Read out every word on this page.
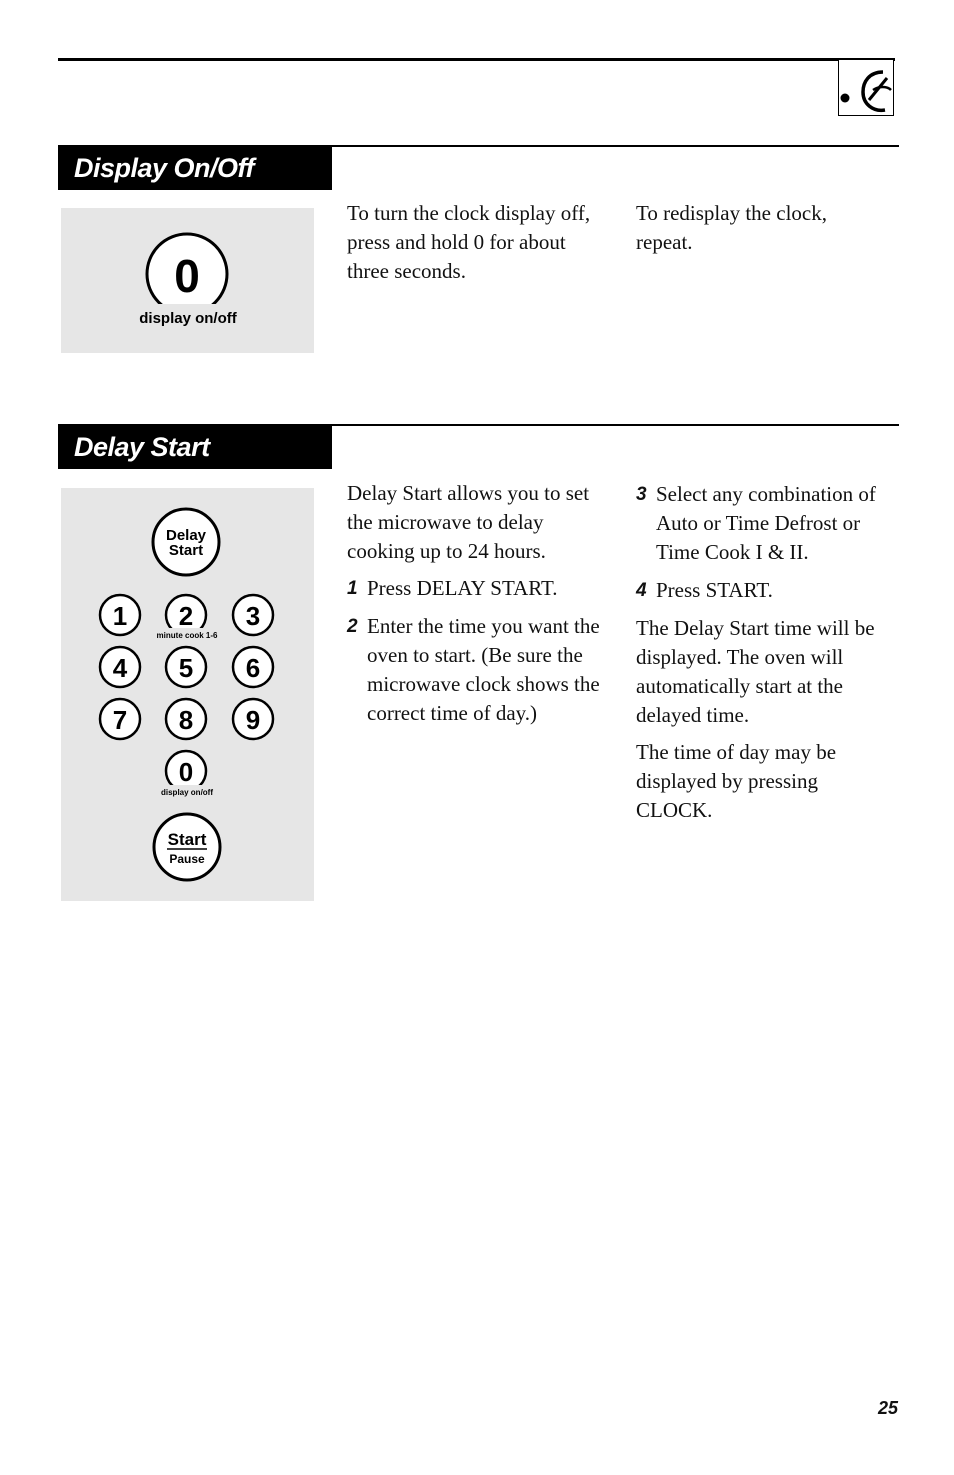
Display On/Off
0
display on/off
To turn the clock display off, press and hold 0 for about three seconds.
To redisplay the clock, repeat.
Delay Start
Delay
Start
1 2
minute cook 1-6
3
4 5 6
7 8 9
0
display on/off
Start
Pause

Delay Start allows you to set the microwave to delay cooking up to 24 hours.

1 Press DELAY START.
2 Enter the time you want the oven to start. (Be sure the microwave clock shows the correct time of day.)
3 Select any combination of Auto or Time Defrost or Time Cook I & II.
4 Press START.

The Delay Start time will be displayed. The oven will automatically start at the delayed time.

The time of day may be displayed by pressing CLOCK.

25
